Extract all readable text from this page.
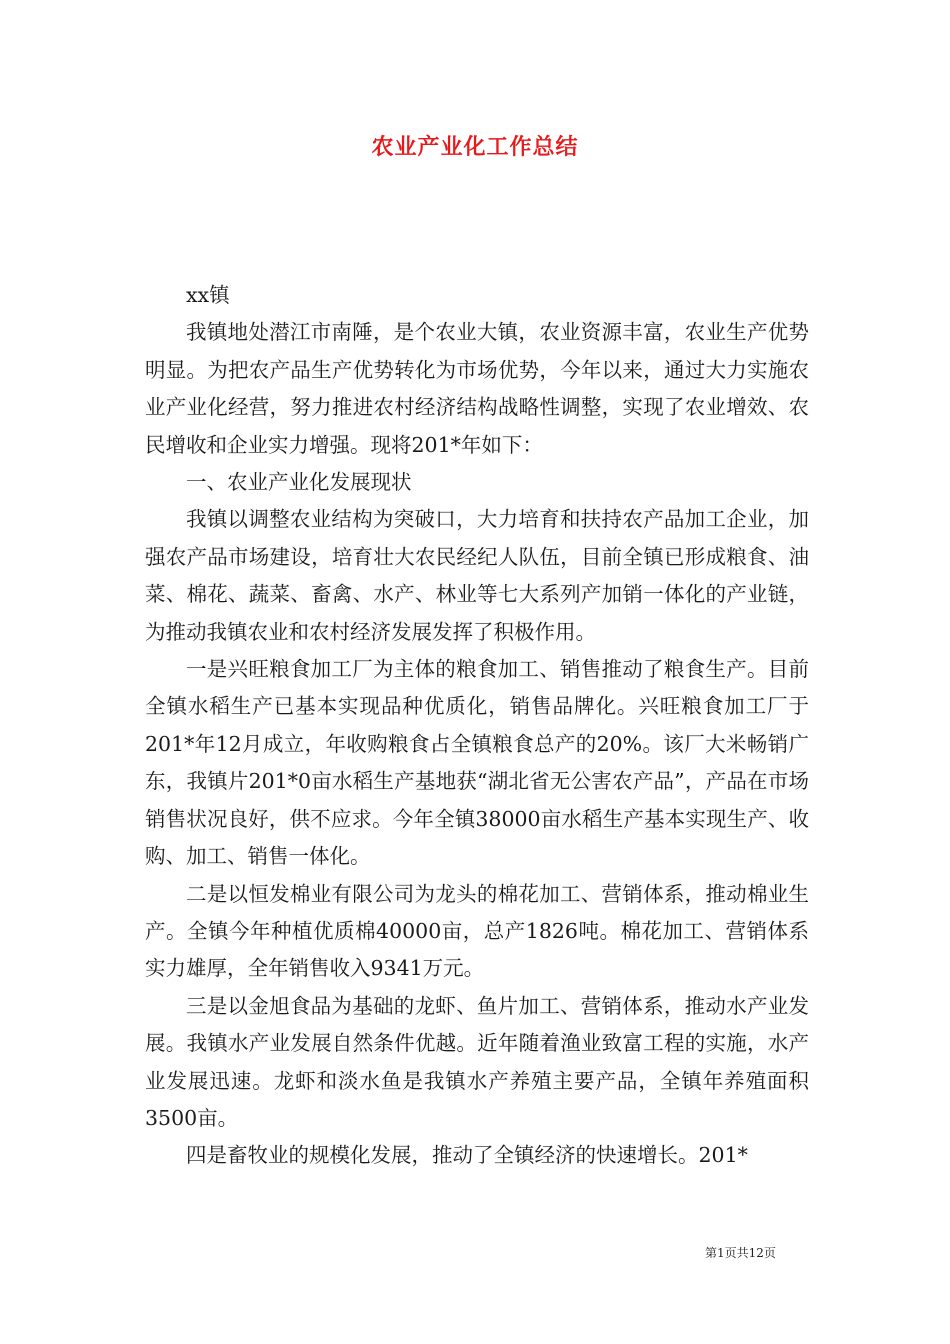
农业产业化工作总结

xx镇

我镇地处潜江市南陲，是个农业大镇，农业资源丰富，农业生产优势明显。为把农产品生产优势转化为市场优势，今年以来，通过大力实施农业产业化经营，努力推进农村经济结构战略性调整，实现了农业增效、农民增收和企业实力增强。现将201*年如下：

一、农业产业化发展现状

我镇以调整农业结构为突破口，大力培育和扶持农产品加工企业，加强农产品市场建设，培育壮大农民经纪人队伍，目前全镇已形成粮食、油菜、棉花、蔬菜、畜禽、水产、林业等七大系列产加销一体化的产业链，为推动我镇农业和农村经济发展发挥了积极作用。

一是兴旺粮食加工厂为主体的粮食加工、销售推动了粮食生产。目前全镇水稻生产已基本实现品种优质化，销售品牌化。兴旺粮食加工厂于201*年12月成立，年收购粮食占全镇粮食总产的20%。该厂大米畅销广东，我镇片201*0亩水稻生产基地获“湖北省无公害农产品”，产品在市场销售状况良好，供不应求。今年全镇38000亩水稻生产基本实现生产、收购、加工、销售一体化。

二是以恒发棉业有限公司为龙头的棉花加工、营销体系，推动棉业生产。全镇今年种植优质棉40000亩，总产1826吨。棉花加工、营销体系实力雄厚，全年销售收入9341万元。

三是以金旭食品为基础的龙虾、鱼片加工、营销体系，推动水产业发展。我镇水产业发展自然条件优越。近年随着渔业致富工程的实施，水产业发展迅速。龙虾和淡水鱼是我镇水产养殖主要产品，全镇年养殖面积3500亩。

四是畜牧业的规模化发展，推动了全镇经济的快速增长。201*

第1页共12页
